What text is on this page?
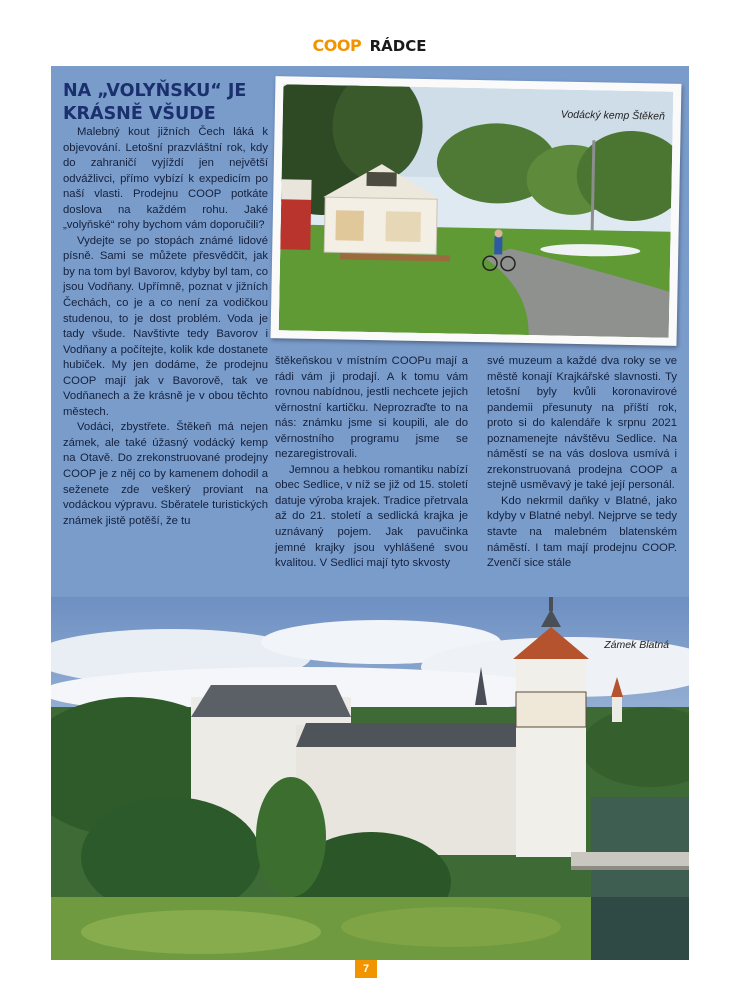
COOP RÁDCE
NA „VOLYŇSKU“ JE KRÁSNĚ VŠUDE

Malebný kout jižních Čech láká k objevování. Letošní prazvláštní rok, kdy do zahraničí vyjíždí jen největší odvážlivci, přímo vybízí k expedicím po naší vlasti. Prodejnu COOP potkáte doslova na každém rohu. Jaké „volyňské“ rohy bychom vám doporučili?

Vydejte se po stopách známé lidové písně. Sami se můžete přesvědčit, jak by na tom byl Bavorov, kdyby byl tam, co jsou Vodňany. Upřímně, poznat v jižních Čechách, co je a co není za vodičkou studenou, to je dost problém. Voda je tady všude. Navštivte tedy Bavorov i Vodňany a počítejte, kolik kde dostanete hubiček. My jen dodáme, že prodejnu COOP mají jak v Bavorově, tak ve Vodňanech a že krásně je v obou těchto městech.

Vodáci, zbystřete. Štěkeň má nejen zámek, ale také úžasný vodácký kemp na Otavě. Do zrekonstruované prodejny COOP je z něj co by kamenem dohodil a seženete zde veškerý proviant na vodáckou výpravu. Sběratele turistických známek jistě potěší, že tu

štěkeňskou v místním COOPu mají a rádi vám ji prodají. A k tomu vám rovnou nabídnou, jestli nechcete jejich věrnostní kartičku. Neprozraďte to na nás: známku jsme si koupili, ale do věrnostního programu jsme se nezaregistrovali.

Jemnou a hebkou romantiku nabízí obec Sedlice, v níž se již od 15. století datuje výroba krajek. Tradice přetrvala až do 21. století a sedlická krajka je uznávaný pojem. Jak pavučinka jemné krajky jsou vyhlášené svou kvalitou. V Sedlici mají tyto skvosty

své muzeum a každé dva roky se ve městě konají Krajkářské slavnosti. Ty letošní byly kvůli koronavirové pandemii přesunuty na příští rok, proto si do kalendáře k srpnu 2021 poznamenejte návštěvu Sedlice. Na náměstí se na vás doslova usmívá i zrekonstruovaná prodejna COOP a stejně usměvavý je také její personál.

Kdo nekrmil daňky v Blatné, jako kdyby v Blatné nebyl. Nejprve se tedy stavte na malebném blatenském náměstí. I tam mají prodejnu COOP. Zvenčí sice stále

Vodácký kemp Štěkeň
Zámek Blatná
7
